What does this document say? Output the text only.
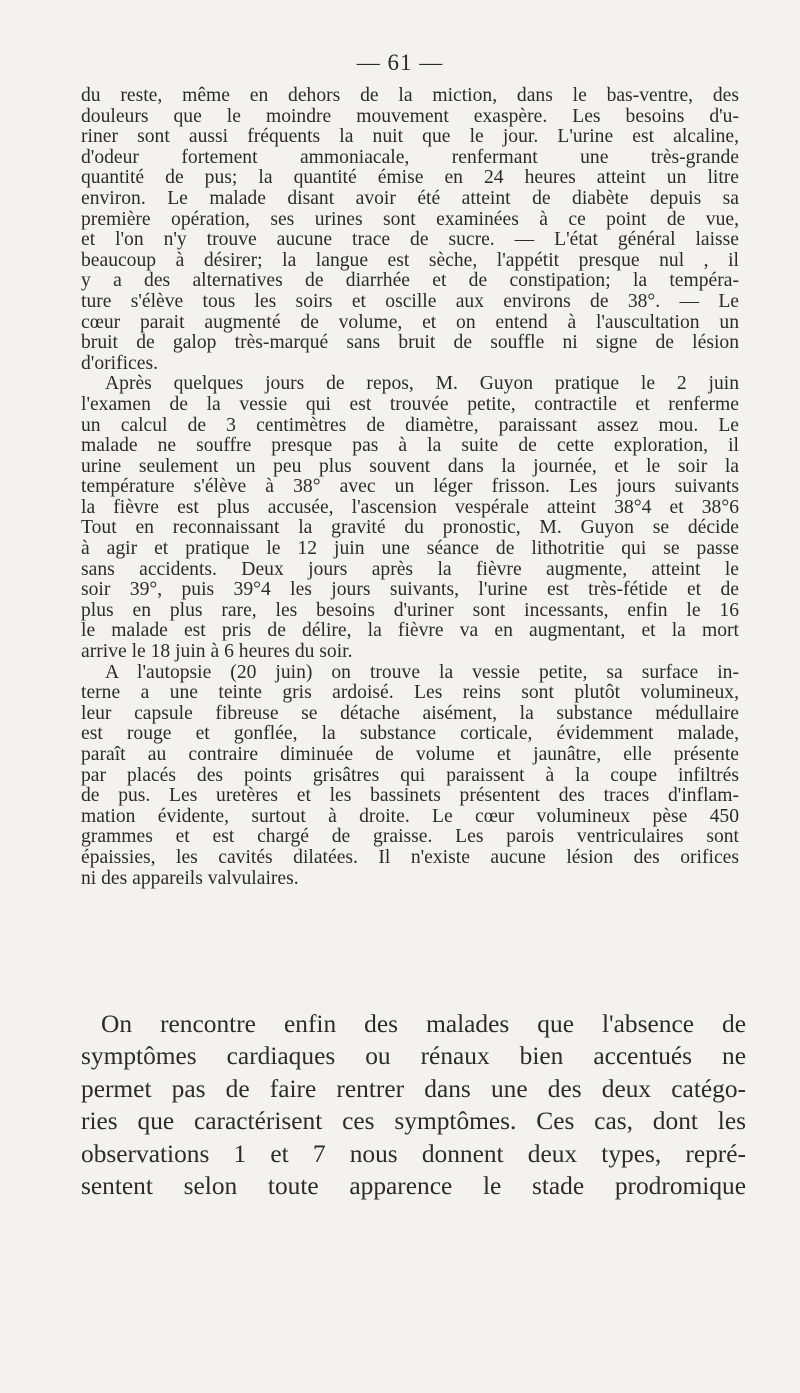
— 61 —
du reste, même en dehors de la miction, dans le bas-ventre, des
douleurs que le moindre mouvement exaspère. Les besoins d'u-
riner sont aussi fréquents la nuit que le jour. L'urine est alcaline,
d'odeur fortement ammoniacale, renfermant une très-grande
quantité de pus; la quantité émise en 24 heures atteint un litre
environ. Le malade disant avoir été atteint de diabète depuis sa
première opération, ses urines sont examinées à ce point de vue,
et l'on n'y trouve aucune trace de sucre. — L'état général laisse
beaucoup à désirer; la langue est sèche, l'appétit presque nul , il
y a des alternatives de diarrhée et de constipation; la tempéra-
ture s'élève tous les soirs et oscille aux environs de 38°. — Le
cœur parait augmenté de volume, et on entend à l'auscultation un
bruit de galop très-marqué sans bruit de souffle ni signe de lésion
d'orifices.
Après quelques jours de repos, M. Guyon pratique le 2 juin
l'examen de la vessie qui est trouvée petite, contractile et renferme
un calcul de 3 centimètres de diamètre, paraissant assez mou. Le
malade ne souffre presque pas à la suite de cette exploration, il
urine seulement un peu plus souvent dans la journée, et le soir la
température s'élève à 38° avec un léger frisson. Les jours suivants
la fièvre est plus accusée, l'ascension vespérale atteint 38°4 et 38°6
Tout en reconnaissant la gravité du pronostic, M. Guyon se décide
à agir et pratique le 12 juin une séance de lithotritie qui se passe
sans accidents. Deux jours après la fièvre augmente, atteint le
soir 39°, puis 39°4 les jours suivants, l'urine est très-fétide et de
plus en plus rare, les besoins d'uriner sont incessants, enfin le 16
le malade est pris de délire, la fièvre va en augmentant, et la mort
arrive le 18 juin à 6 heures du soir.
A l'autopsie (20 juin) on trouve la vessie petite, sa surface in-
terne a une teinte gris ardoisé. Les reins sont plutôt volumineux,
leur capsule fibreuse se détache aisément, la substance médullaire
est rouge et gonflée, la substance corticale, évidemment malade,
paraît au contraire diminuée de volume et jaunâtre, elle présente
par placés des points grisâtres qui paraissent à la coupe infiltrés
de pus. Les uretères et les bassinets présentent des traces d'inflam-
mation évidente, surtout à droite. Le cœur volumineux pèse 450
grammes et est chargé de graisse. Les parois ventriculaires sont
épaissies, les cavités dilatées. Il n'existe aucune lésion des orifices
ni des appareils valvulaires.
On rencontre enfin des malades que l'absence de
symptômes cardiaques ou rénaux bien accentués ne
permet pas de faire rentrer dans une des deux catégo-
ries que caractérisent ces symptômes. Ces cas, dont les
observations 1 et 7 nous donnent deux types, repré-
sentent selon toute apparence le stade prodromique
